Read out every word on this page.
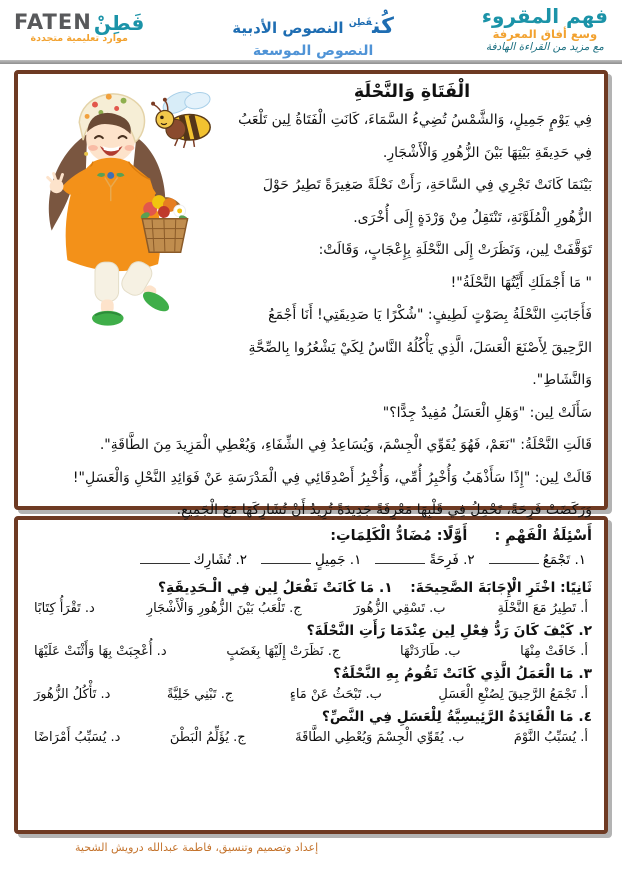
فهم المقروء
وسع أفاق المعرفة
مع مزيد من القراءة الهادفة
كُن$^{فَطِن}$ النصوص الأدبية
النصوص الموسعة
FATEN فَطِنْ
موارد تعليمية متجددة
الْفَتَاةِ وَالنَّحْلَةِ

فِي يَوْمٍ جَمِيلٍ، وَالشَّمْسُ تُضِيءُ السَّمَاءَ، كَانَتِ الْفَتَاةُ لِين تَلْعَبُ فِي حَدِيقَةِ بَيْتِهَا بَيْنَ الزُّهُورِ وَالْأَشْجَارِ.

بَيْنَمَا كَانَتْ تَجْرِي فِي السَّاحَةِ، رَأَتْ نَحْلَةً صَغِيرَةً تَطِيرُ حَوْلَ الزُّهُورِ الْمُلَوَّنَةِ، تَنْتَقِلُ مِنْ وَرْدَةٍ إِلَى أُخْرَى.

تَوَقَّفَتْ لِين، وَنَظَرَتْ إِلَى النَّحْلَةِ بِإِعْجَابٍ، وَقَالَتْ:

" مَا أَجْمَلَكِ أَيَّتُهَا النَّحْلَةُ"!

فَأَجَابَتِ النَّحْلَةُ بِصَوْتٍ لَطِيفٍ: "شُكْرًا يَا صَدِيقَتِي! أَنَا أَجْمَعُ الرَّحِيقَ لِأَصْنَعَ الْعَسَلَ، الَّذِي يَأْكُلُهُ النَّاسُ لِكَيْ يَشْعُرُوا بِالصِّحَّةِ وَالنَّشَاطِ".

سَأَلَتْ لِين: "وَهَلِ الْعَسَلُ مُفِيدٌ جِدًّا؟"

قَالَتِ النَّحْلَةُ: "نَعَمْ، فَهُوَ يُقَوِّي الْجِسْمَ، وَيُسَاعِدُ فِي الشِّفَاءِ، وَيُعْطِي الْمَزِيدَ مِنَ الطَّاقَةِ".

قَالَتْ لِين: "إِذًا سَأَذْهَبُ وَأُخْبِرُ أُمِّي، وَأُخْبِرُ أَصْدِقَائِي فِي الْمَدْرَسَةِ عَنْ فَوَائِدِ النَّحْلِ وَالْعَسَلِ"!

وَرَكَضَتْ فَرِحَةً، تَحْمِلُ فِي قَلْبِهَا مَعْرِفَةً جَدِيدَةً تُرِيدُ أَنْ تُشَارِكَهَا مَعَ الْجَمِيعِ.

أَسْئِلَةُ الْفَهْمِ : أَوَّلًا: مُضَادُّ الْكَلِمَاتِ:
١. تَجْمَعُ
٢. فَرِحَةً
١. جَمِيلٍ
٢. تُشَارِك
ثَانِيًا: اخْتَرِ الْإِجَابَةَ الصَّحِيحَةَ:  ١. مَا كَانَتْ تَفْعَلُ لِين فِي الْـحَدِيقَةِ؟
أ. تَطِيرُ مَعَ النَّحْلَةِ
ب. تَسْقِي الزُّهُورَ
ج. تَلْعَبُ بَيْنَ الزُّهُورِ وَالْأَشْجَارِ
د. تَقْرَأُ كِتَابًا
٢. كَيْفَ كَانَ رَدُّ فِعْلِ لِين عِنْدَمَا رَأَتِ النَّحْلَةَ؟
أ. خَافَتْ مِنْهَا
ب. طَارَدَتْهَا
ج. نَظَرَتْ إِلَيْهَا بِغَضَبٍ
د. أُعْجِبَتْ بِهَا وَأَثْنَتْ عَلَيْهَا
٣. مَا الْعَمَلُ الَّذِي كَانَتْ تَقُومُ بِهِ النَّحْلَةُ؟
أ. تَجْمَعُ الرَّحِيقَ لِصُنْعِ الْعَسَلِ
ب. تَبْحَثُ عَنْ مَاءٍ
ج. تَبْنِي خَلِيَّةً
د. تَأْكُلُ الزُّهُورَ
٤. مَا الْفَائِدَةُ الرَّئِيسِيَّةُ لِلْعَسَلِ فِي النَّصِّ؟
أ. يُسَبِّبُ النَّوْمَ
ب. يُقَوِّي الْجِسْمَ وَيُعْطِي الطَّاقَةَ
ج. يُؤَلِّمُ الْبَطْنَ
د. يُسَبِّبُ أَمْرَاضًا
إعداد وتصميم وتنسيق، فاطمة عبدالله درويش الشحية
